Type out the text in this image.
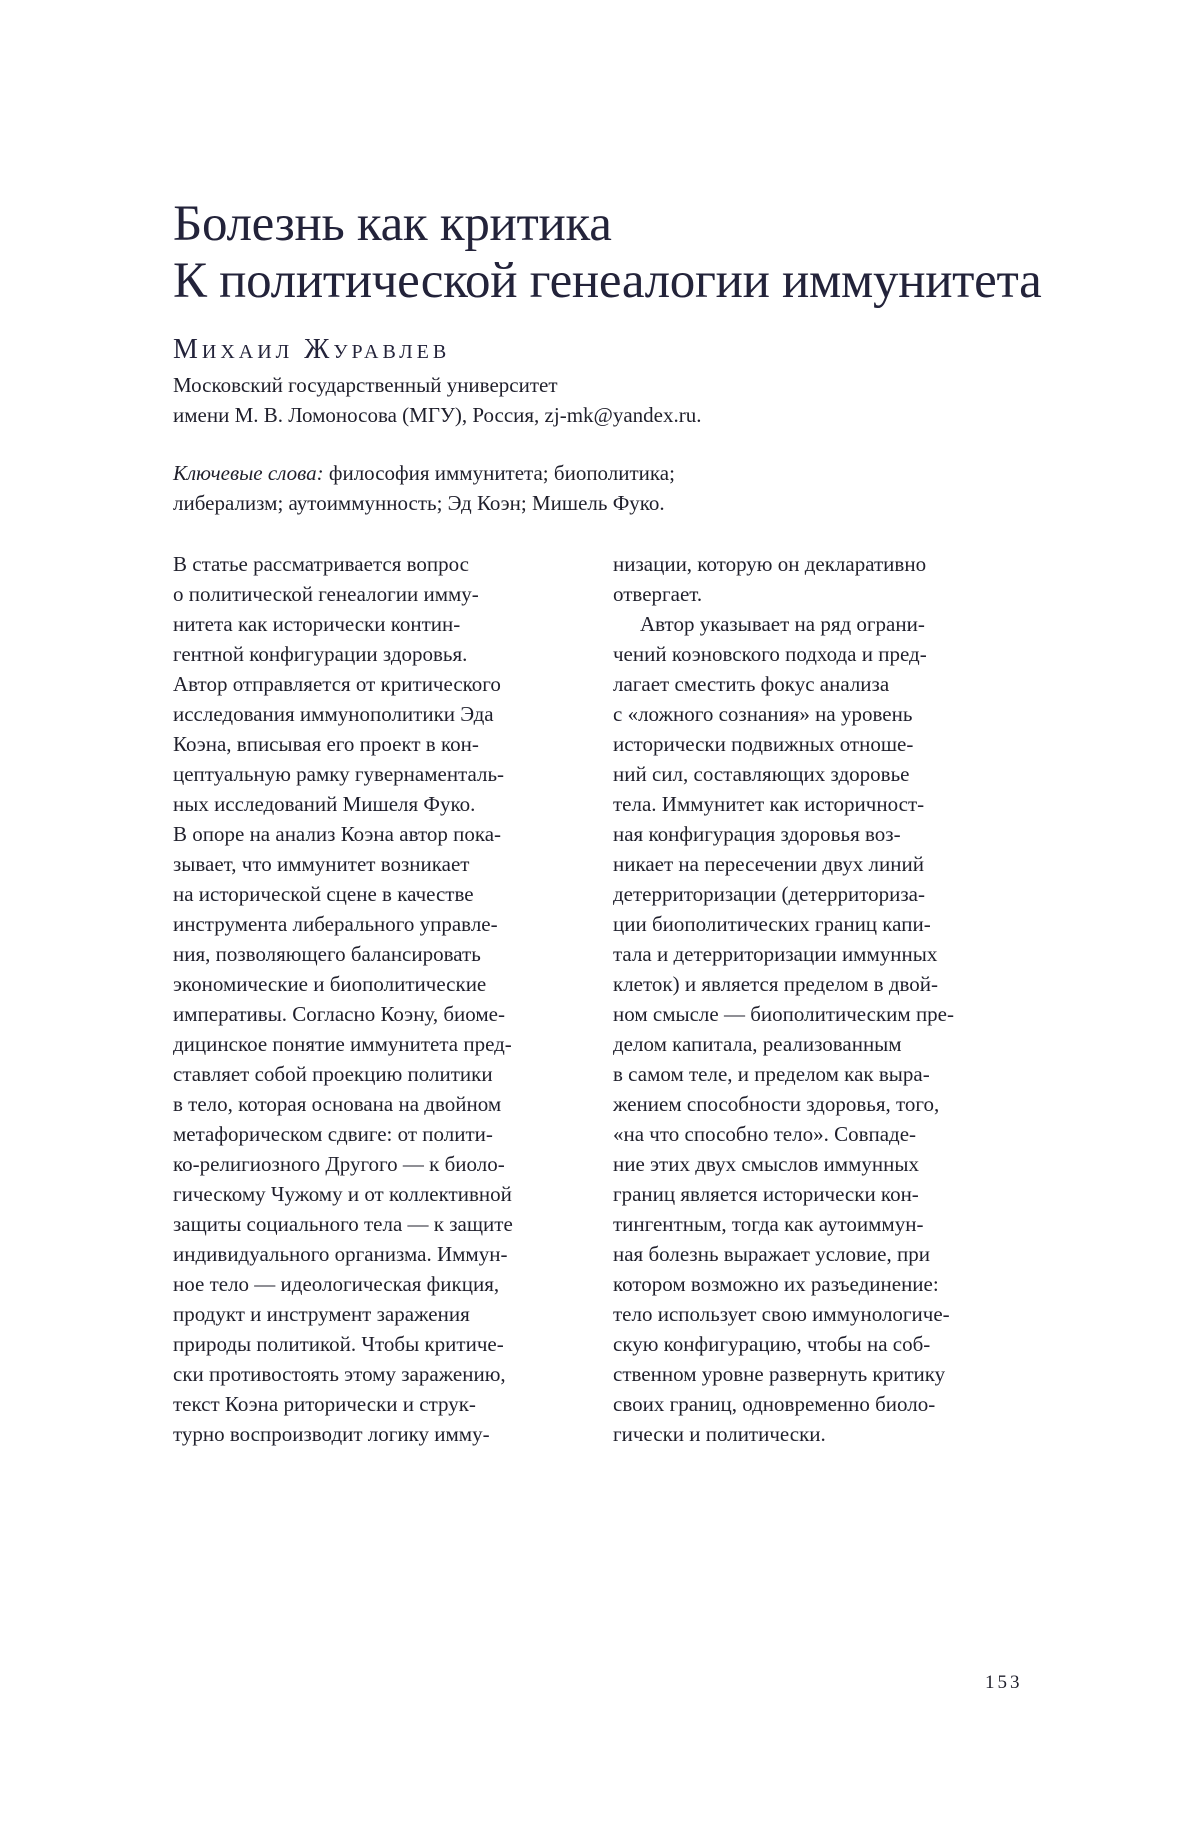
Болезнь как критика
К политической генеалогии иммунитета
Михаил Журавлев
Московский государственный университет
имени М. В. Ломоносова (МГУ), Россия, zj-mk@yandex.ru.
Ключевые слова: философия иммунитета; биополитика;
либерализм; аутоиммунность; Эд Коэн; Мишель Фуко.
В статье рассматривается вопрос
о политической генеалогии имму-
нитета как исторически контин-
гентной конфигурации здоровья.
Автор отправляется от критического
исследования иммунополитики Эда
Коэна, вписывая его проект в кон-
цептуальную рамку гувернаменталь-
ных исследований Мишеля Фуко.
В опоре на анализ Коэна автор пока-
зывает, что иммунитет возникает
на исторической сцене в качестве
инструмента либерального управле-
ния, позволяющего балансировать
экономические и биополитические
императивы. Согласно Коэну, биоме-
дицинское понятие иммунитета пред-
ставляет собой проекцию политики
в тело, которая основана на двойном
метафорическом сдвиге: от полити-
ко-религиозного Другого — к биоло-
гическому Чужому и от коллективной
защиты социального тела — к защите
индивидуального организма. Иммун-
ное тело — идеологическая фикция,
продукт и инструмент заражения
природы политикой. Чтобы критиче-
ски противостоять этому заражению,
текст Коэна риторически и струк-
турно воспроизводит логику имму-
низации, которую он декларативно
отвергает.
Автор указывает на ряд ограни-
чений коэновского подхода и пред-
лагает сместить фокус анализа
с «ложного сознания» на уровень
исторически подвижных отноше-
ний сил, составляющих здоровье
тела. Иммунитет как историчност-
ная конфигурация здоровья воз-
никает на пересечении двух линий
детерриторизации (детерриториза-
ции биополитических границ капи-
тала и детерриторизации иммунных
клеток) и является пределом в двой-
ном смысле — биополитическим пре-
делом капитала, реализованным
в самом теле, и пределом как выра-
жением способности здоровья, того,
«на что способно тело». Совпаде-
ние этих двух смыслов иммунных
границ является исторически кон-
тингентным, тогда как аутоиммун-
ная болезнь выражает условие, при
котором возможно их разъединение:
тело использует свою иммунологиче-
скую конфигурацию, чтобы на соб-
ственном уровне развернуть критику
своих границ, одновременно биоло-
гически и политически.
153
